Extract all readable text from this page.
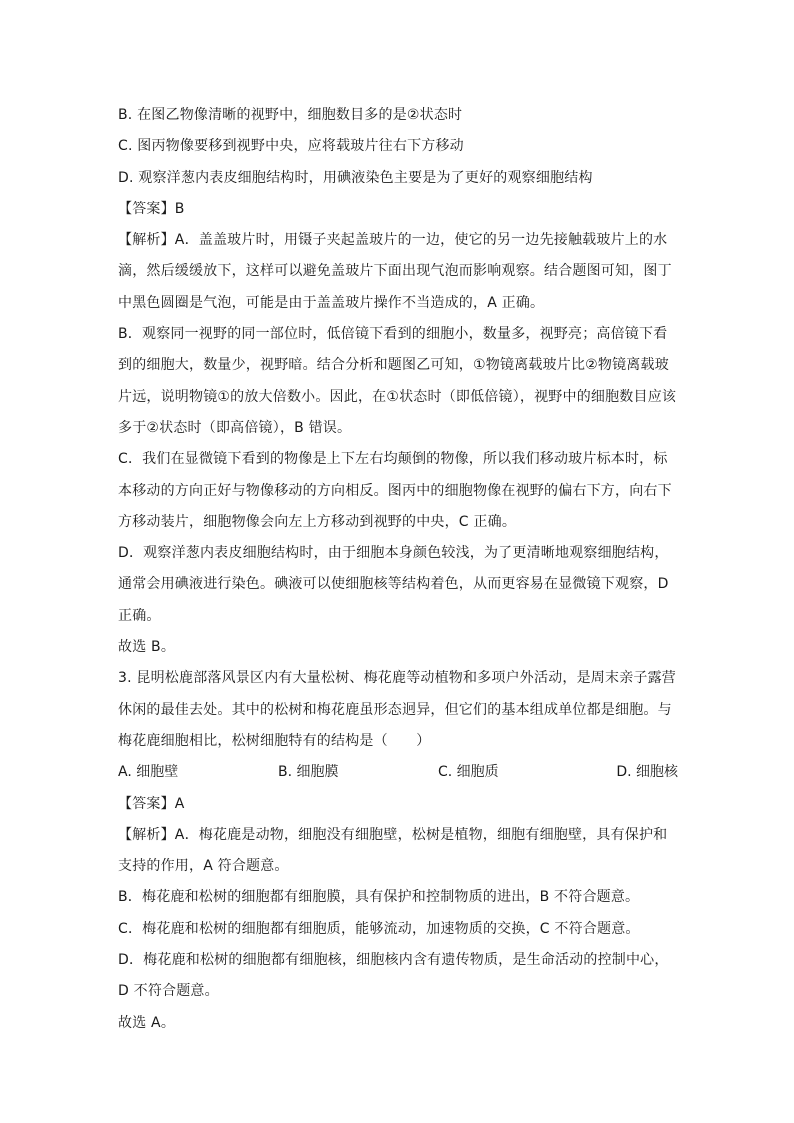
B. 在图乙物像清晰的视野中，细胞数目多的是②状态时
C. 图丙物像要移到视野中央，应将载玻片往右下方移动
D. 观察洋葱内表皮细胞结构时，用碘液染色主要是为了更好的观察细胞结构
【答案】B
【解析】A．盖盖玻片时，用镊子夹起盖玻片的一边，使它的另一边先接触载玻片上的水
滴，然后缓缓放下，这样可以避免盖玻片下面出现气泡而影响观察。结合题图可知，图丁
中黑色圆圈是气泡，可能是由于盖盖玻片操作不当造成的，A 正确。
B．观察同一视野的同一部位时，低倍镜下看到的细胞小，数量多，视野亮；高倍镜下看
到的细胞大，数量少，视野暗。结合分析和题图乙可知，①物镜离载玻片比②物镜离载玻
片远，说明物镜①的放大倍数小。因此，在①状态时（即低倍镜），视野中的细胞数目应该
多于②状态时（即高倍镜），B 错误。
C．我们在显微镜下看到的物像是上下左右均颠倒的物像，所以我们移动玻片标本时，标
本移动的方向正好与物像移动的方向相反。图丙中的细胞物像在视野的偏右下方，向右下
方移动装片，细胞物像会向左上方移动到视野的中央，C 正确。
D．观察洋葱内表皮细胞结构时，由于细胞本身颜色较浅，为了更清晰地观察细胞结构，
通常会用碘液进行染色。碘液可以使细胞核等结构着色，从而更容易在显微镜下观察，D
正确。
故选 B。
3. 昆明松鹿部落风景区内有大量松树、梅花鹿等动植物和多项户外活动，是周末亲子露营
休闲的最佳去处。其中的松树和梅花鹿虽形态迥异，但它们的基本组成单位都是细胞。与
梅花鹿细胞相比，松树细胞特有的结构是（　　）
A. 细胞壁	B. 细胞膜	C. 细胞质	D. 细胞核
【答案】A
【解析】A．梅花鹿是动物，细胞没有细胞壁，松树是植物，细胞有细胞壁，具有保护和
支持的作用，A 符合题意。
B．梅花鹿和松树的细胞都有细胞膜，具有保护和控制物质的进出，B 不符合题意。
C．梅花鹿和松树的细胞都有细胞质，能够流动，加速物质的交换，C 不符合题意。
D．梅花鹿和松树的细胞都有细胞核，细胞核内含有遗传物质，是生命活动的控制中心，
D 不符合题意。
故选 A。
